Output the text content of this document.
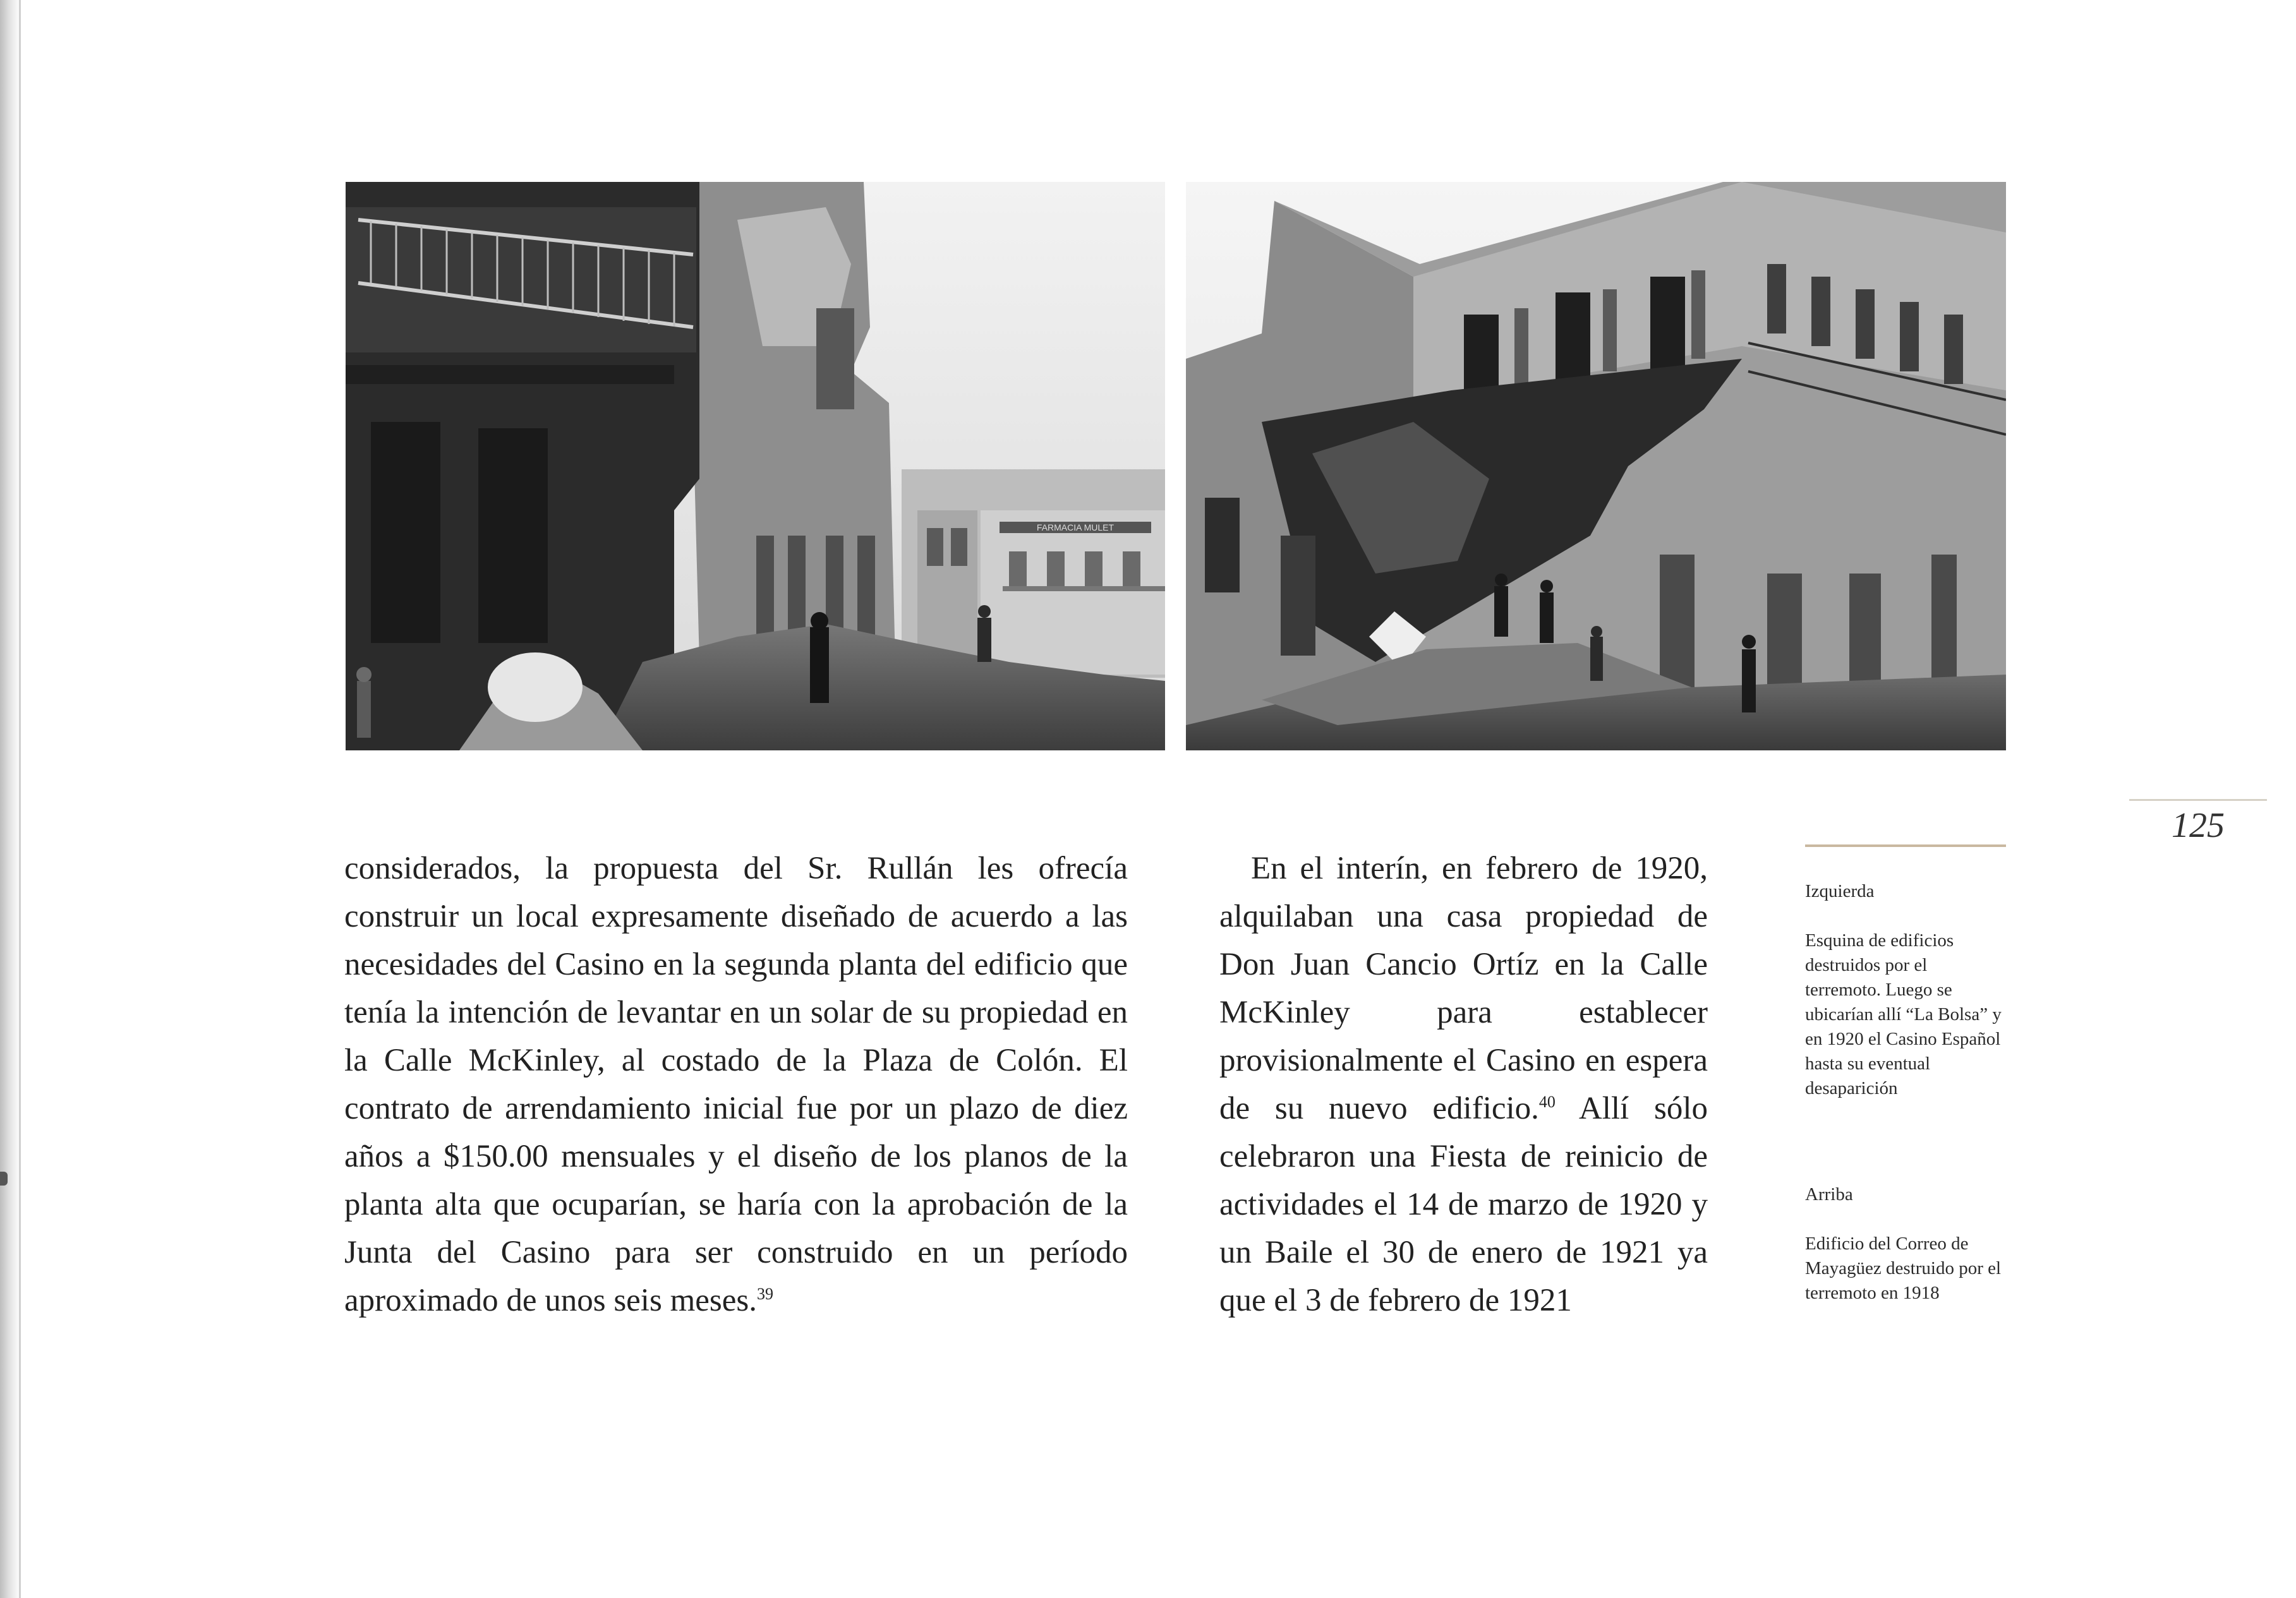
FARMACIA MULET
125

considerados, la propuesta del Sr. Rullán les ofrecía construir un local expresamente diseñado de acuerdo a las necesidades del Casino en la segunda planta del edificio que tenía la intención de levantar en un solar de su propiedad en la Calle McKinley, al costado de la Plaza de Colón. El contrato de arrendamiento inicial fue por un plazo de diez años a $150.00 mensuales y el diseño de los planos de la planta alta que ocuparían, se haría con la aprobación de la Junta del Casino para ser construido en un período aproximado de unos seis meses.$^{39}$

En el interín, en febrero de 1920, alquilaban una casa propiedad de Don Juan Cancio Ortíz en la Calle McKinley para establecer provisionalmente el Casino en espera de su nuevo edificio.$^{40}$ Allí sólo celebraron una Fiesta de reinicio de actividades el 14 de marzo de 1920 y un Baile el 30 de enero de 1921 ya que el 3 de febrero de 1921

Izquierda
Esquina de edificios destruidos por el terremoto. Luego se ubicarían allí “La Bolsa” y en 1920 el Casino Español hasta su eventual desaparición
Arriba
Edificio del Correo de Mayagüez destruido por el terremoto en 1918
